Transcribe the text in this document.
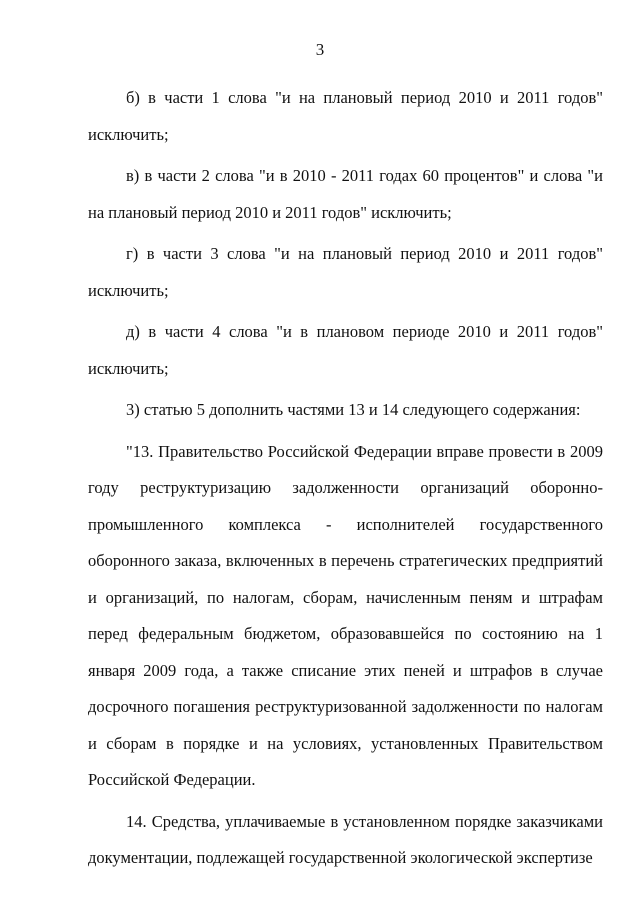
3

б) в части 1 слова "и на плановый период 2010 и 2011 годов" исключить;

в) в части 2 слова "и в 2010 - 2011 годах 60 процентов" и слова "и на плановый период 2010 и 2011 годов" исключить;

г) в части 3 слова "и на плановый период 2010 и 2011 годов" исключить;

д) в части 4 слова "и в плановом периоде 2010 и 2011 годов" исключить;

3) статью 5 дополнить частями 13 и 14 следующего содержания:

"13. Правительство Российской Федерации вправе провести в 2009 году реструктуризацию задолженности организаций оборонно-промышленного комплекса - исполнителей государственного оборонного заказа, включенных в перечень стратегических предприятий и организаций, по налогам, сборам, начисленным пеням и штрафам перед федеральным бюджетом, образовавшейся по состоянию на 1 января 2009 года, а также списание этих пеней и штрафов в случае досрочного погашения реструктуризованной задолженности по налогам и сборам в порядке и на условиях, установленных Правительством Российской Федерации.

14. Средства, уплачиваемые в установленном порядке заказчиками документации, подлежащей государственной экологической экспертизе
